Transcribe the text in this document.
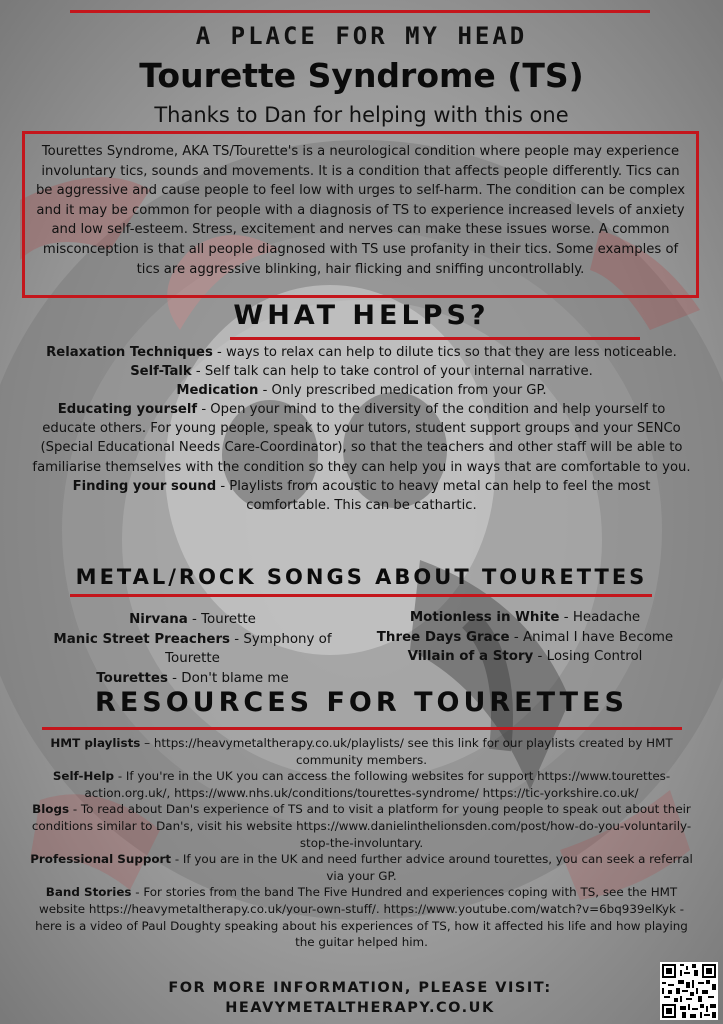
A PLACE FOR MY HEAD
Tourette Syndrome (TS)
Thanks to Dan for helping with this one
Tourettes Syndrome, AKA TS/Tourette's is a neurological condition where people may experience involuntary tics, sounds and movements. It is a condition that affects people differently. Tics can be aggressive and cause people to feel low with urges to self-harm. The condition can be complex and it may be common for people with a diagnosis of TS to experience increased levels of anxiety and low self-esteem. Stress, excitement and nerves can make these issues worse. A common misconception is that all people diagnosed with TS use profanity in their tics. Some examples of tics are aggressive blinking, hair flicking and sniffing uncontrollably.
WHAT HELPS?

Relaxation Techniques - ways to relax can help to dilute tics so that they are less noticeable.

Self-Talk - Self talk can help to take control of your internal narrative.

Medication - Only prescribed medication from your GP.

Educating yourself - Open your mind to the diversity of the condition and help yourself to educate others. For young people, speak to your tutors, student support groups and your SENCo (Special Educational Needs Care-Coordinator), so that the teachers and other staff will be able to familiarise themselves with the condition so they can help you in ways that are comfortable to you.

Finding your sound - Playlists from acoustic to heavy metal can help to feel the most comfortable. This can be cathartic.

METAL/ROCK SONGS ABOUT TOURETTES

Nirvana - Tourette

Manic Street Preachers - Symphony of Tourette

Tourettes - Don't blame me

Motionless in White - Headache

Three Days Grace - Animal I have Become

Villain of a Story - Losing Control

RESOURCES FOR TOURETTES

HMT playlists – https://heavymetaltherapy.co.uk/playlists/ see this link for our playlists created by HMT community members.

Self-Help - If you're in the UK you can access the following websites for support https://www.tourettes-action.org.uk/, https://www.nhs.uk/conditions/tourettes-syndrome/ https://tic-yorkshire.co.uk/

Blogs - To read about Dan's experience of TS and to visit a platform for young people to speak out about their conditions similar to Dan's, visit his website https://www.danielinthelionsden.com/post/how-do-you-voluntarily-stop-the-involuntary.

Professional Support - If you are in the UK and need further advice around tourettes, you can seek a referral via your GP.

Band Stories - For stories from the band The Five Hundred and experiences coping with TS, see the HMT website https://heavymetaltherapy.co.uk/your-own-stuff/. https://www.youtube.com/watch?v=6bq939elKyk - here is a video of Paul Doughty speaking about his experiences of TS, how it affected his life and how playing the guitar helped him.

FOR MORE INFORMATION, PLEASE VISIT:
HEAVYMETALTHERAPY.CO.UK
